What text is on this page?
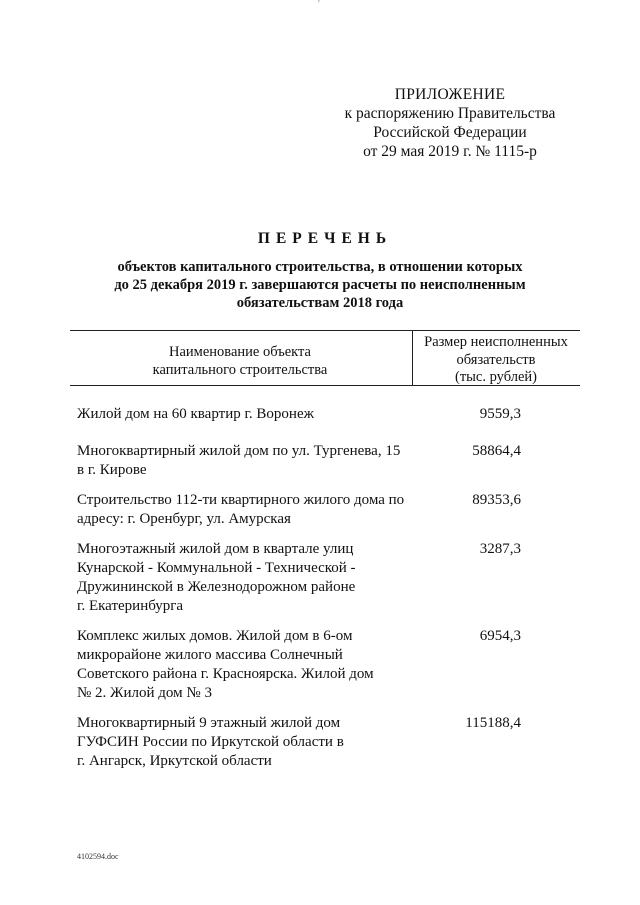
'
ПРИЛОЖЕНИЕ
к распоряжению Правительства
Российской Федерации
от 29 мая 2019 г. № 1115-р
ПЕРЕЧЕНЬ
объектов капитального строительства, в отношении которых
до 25 декабря 2019 г. завершаются расчеты по неисполненным
обязательствам 2018 года
Наименование объекта
капитального строительства
Размер неисполненных
обязательств
(тыс. рублей)
Жилой дом на 60 квартир г. Воронеж	9559,3
Многоквартирный жилой дом по ул. Тургенева, 15
в г. Кирове
58864,4
Строительство 112-ти квартирного жилого дома по
адресу: г. Оренбург, ул. Амурская
89353,6
Многоэтажный жилой дом в квартале улиц
Кунарской - Коммунальной - Технической -
Дружининской в Железнодорожном районе
г. Екатеринбурга
3287,3
Комплекс жилых домов. Жилой дом в 6-ом
микрорайоне жилого массива Солнечный
Советского района г. Красноярска. Жилой дом
№ 2. Жилой дом № 3
6954,3
Многоквартирный 9 этажный жилой дом
ГУФСИН России по Иркутской области в
г. Ангарск, Иркутской области
115188,4
4102594.doc
